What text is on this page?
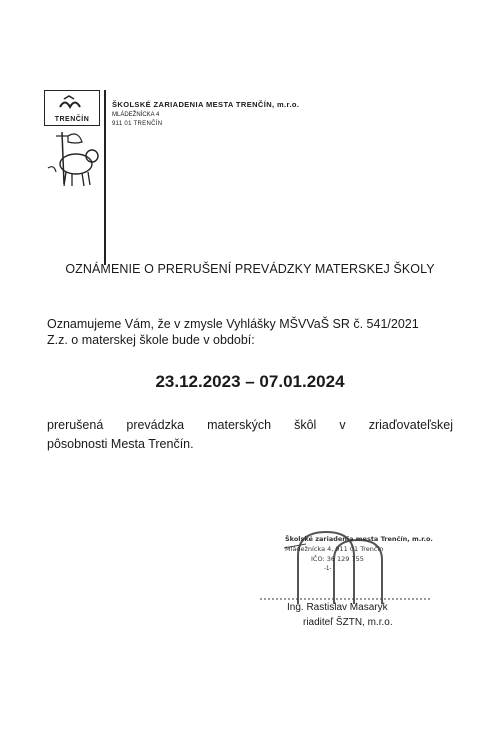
TRENČÍN
ŠKOLSKÉ ZARIADENIA MESTA TRENČÍN, m.r.o.
MLÁDEŽNÍCKA 4
911 01 TRENČÍN
OZNÁMENIE O PRERUŠENÍ PREVÁDZKY MATERSKEJ ŠKOLY
Oznamujeme Vám, že v zmysle Vyhlášky MŠVVaŠ SR č. 541/2021
Z.z. o materskej škole bude v období:
23.12.2023 – 07.01.2024
prerušená prevádzka materských škôl v zriaďovateľskej
pôsobnosti Mesta Trenčín.
Školské zariadenia mesta Trenčín, m.r.o.
Mládežnícka 4, 911 01 Trenčín
IČO: 36 129 755
-1-
Ing. Rastislav Masaryk
riaditeľ ŠZTN, m.r.o.
